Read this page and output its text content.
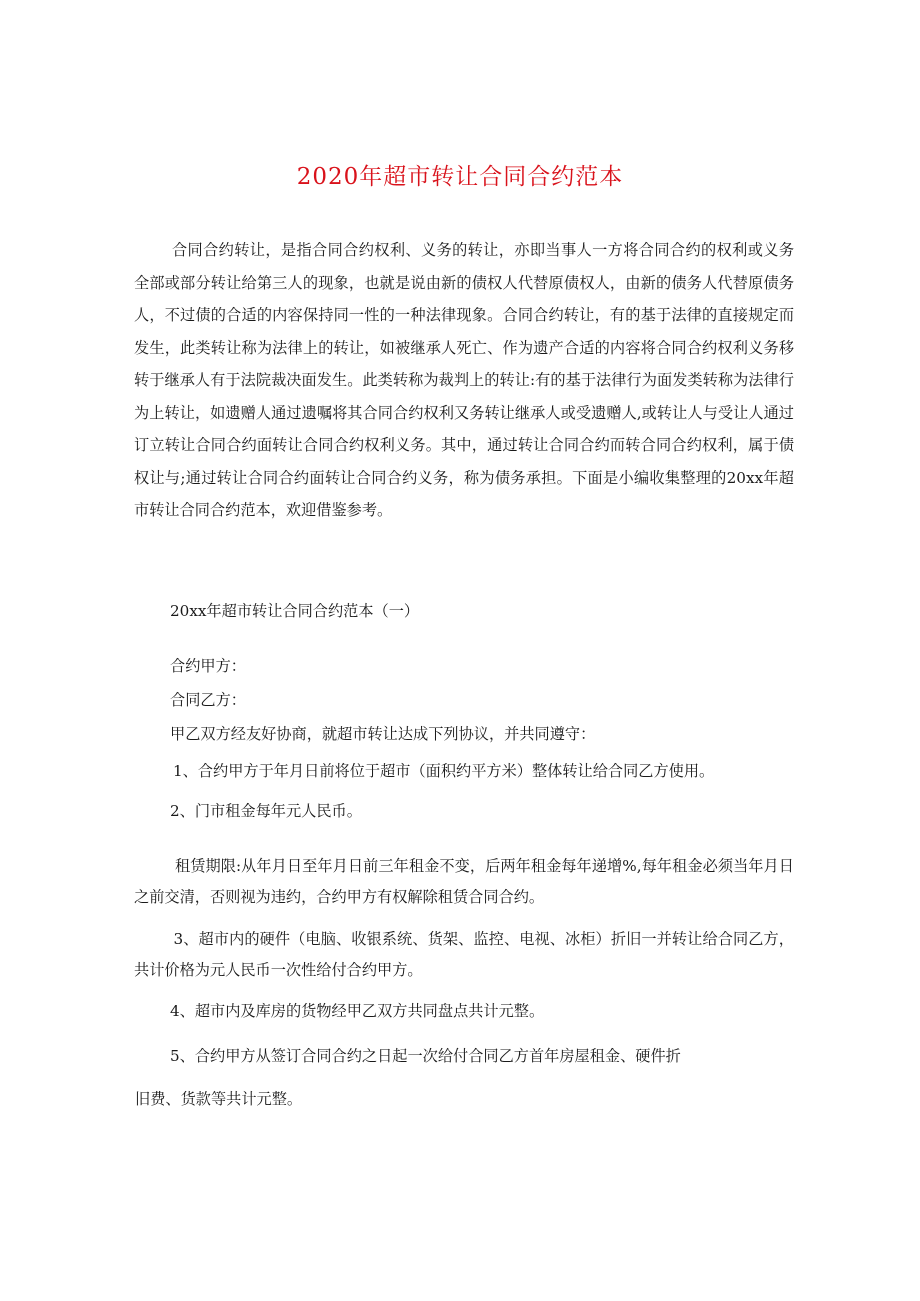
2020年超市转让合同合约范本

合同合约转让，是指合同合约权利、义务的转让，亦即当事人一方将合同合约的权利或义务全部或部分转让给第三人的现象，也就是说由新的债权人代替原债权人，由新的债务人代替原债务人，不过债的合适的内容保持同一性的一种法律现象。合同合约转让，有的基于法律的直接规定而发生，此类转让称为法律上的转让，如被继承人死亡、作为遗产合适的内容将合同合约权利义务移转于继承人有于法院裁决面发生。此类转称为裁判上的转让:有的基于法律行为面发类转称为法律行为上转让，如遗赠人通过遗嘱将其合同合约权利又务转让继承人或受遗赠人,或转让人与受让人通过订立转让合同合约面转让合同合约权利义务。其中，通过转让合同合约而转合同合约权利，属于债权让与;通过转让合同合约面转让合同合约义务，称为债务承担。下面是小编收集整理的20xx年超市转让合同合约范本，欢迎借鉴参考。

20xx年超市转让合同合约范本（一）

合约甲方：

合同乙方：

甲乙双方经友好协商，就超市转让达成下列协议，并共同遵守：

1、合约甲方于年月日前将位于超市（面积约平方米）整体转让给合同乙方使用。

2、门市租金每年元人民币。

租赁期限:从年月日至年月日前三年租金不变，后两年租金每年递增%,每年租金必须当年月日之前交清，否则视为违约，合约甲方有权解除租赁合同合约。

3、超市内的硬件（电脑、收银系统、货架、监控、电视、冰柜）折旧一并转让给合同乙方，共计价格为元人民币一次性给付合约甲方。

4、超市内及库房的货物经甲乙双方共同盘点共计元整。

5、合约甲方从签订合同合约之日起一次给付合同乙方首年房屋租金、硬件折

旧费、货款等共计元整。
